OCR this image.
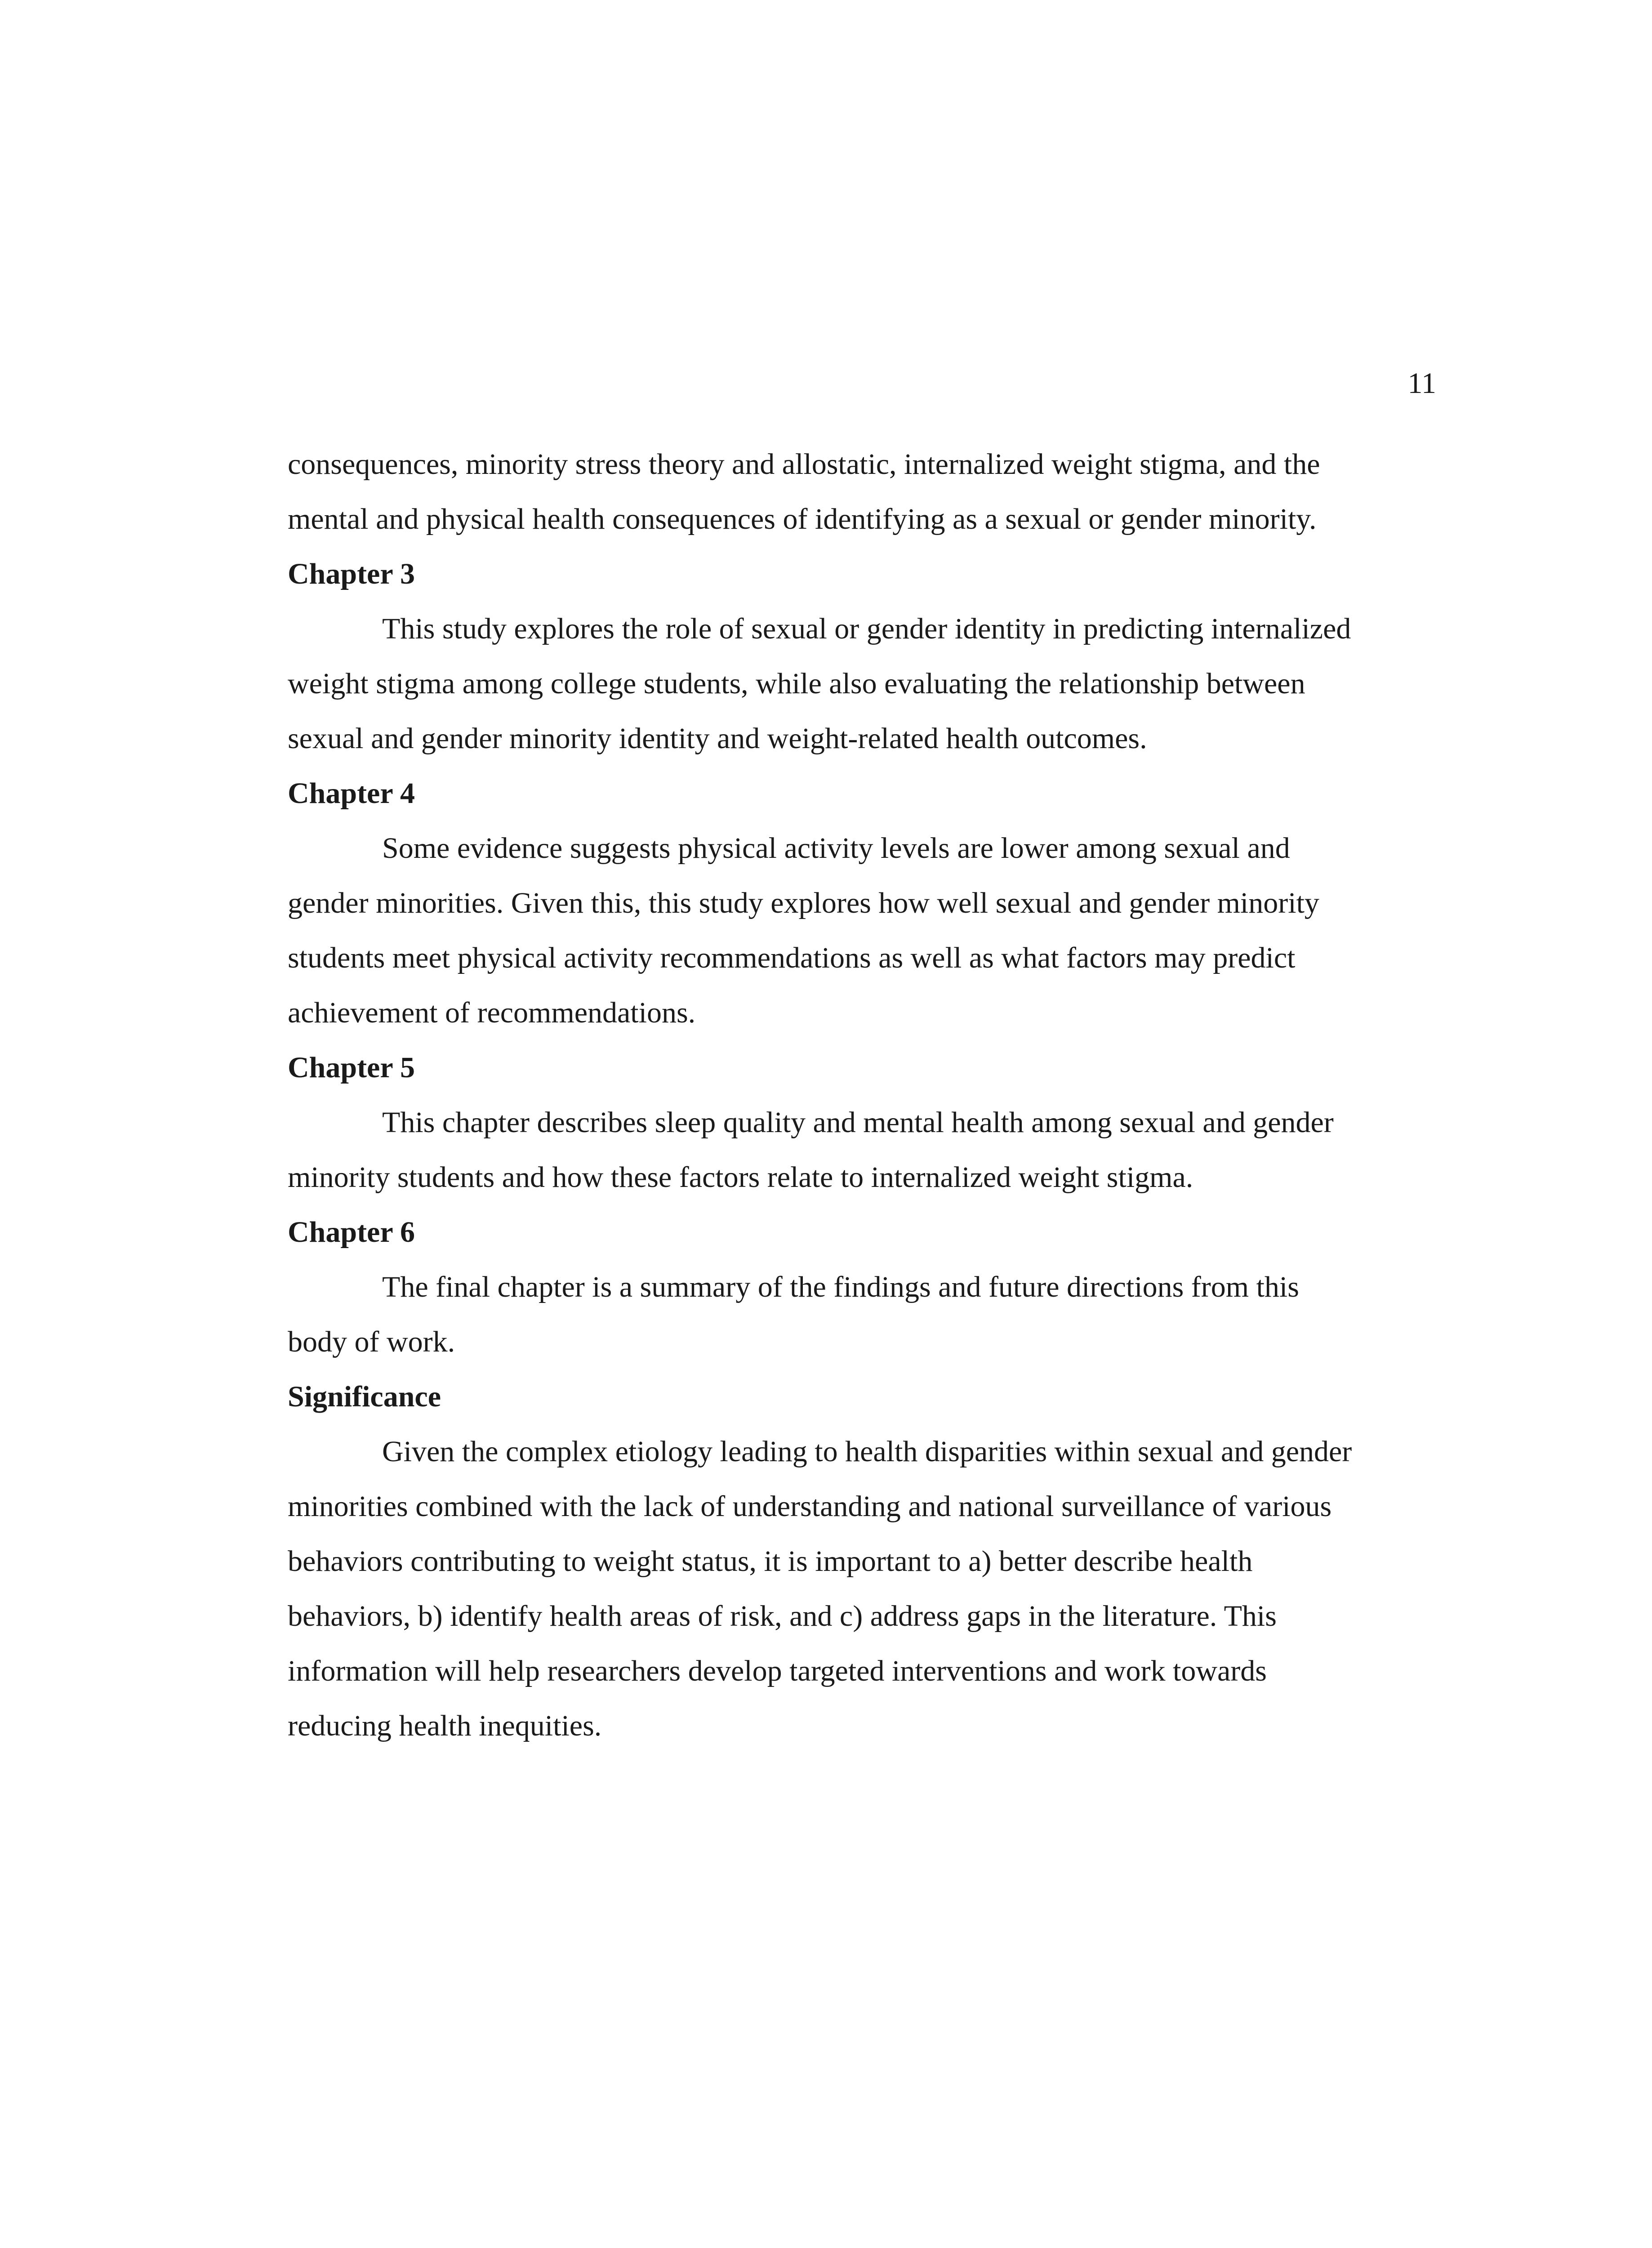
11
consequences, minority stress theory and allostatic, internalized weight stigma, and the
mental and physical health consequences of identifying as a sexual or gender minority.
Chapter 3
This study explores the role of sexual or gender identity in predicting internalized
weight stigma among college students, while also evaluating the relationship between
sexual and gender minority identity and weight-related health outcomes.
Chapter 4
Some evidence suggests physical activity levels are lower among sexual and
gender minorities. Given this, this study explores how well sexual and gender minority
students meet physical activity recommendations as well as what factors may predict
achievement of recommendations.
Chapter 5
This chapter describes sleep quality and mental health among sexual and gender
minority students and how these factors relate to internalized weight stigma.
Chapter 6
The final chapter is a summary of the findings and future directions from this
body of work.
Significance
Given the complex etiology leading to health disparities within sexual and gender
minorities combined with the lack of understanding and national surveillance of various
behaviors contributing to weight status, it is important to a) better describe health
behaviors, b) identify health areas of risk, and c) address gaps in the literature. This
information will help researchers develop targeted interventions and work towards
reducing health inequities.
